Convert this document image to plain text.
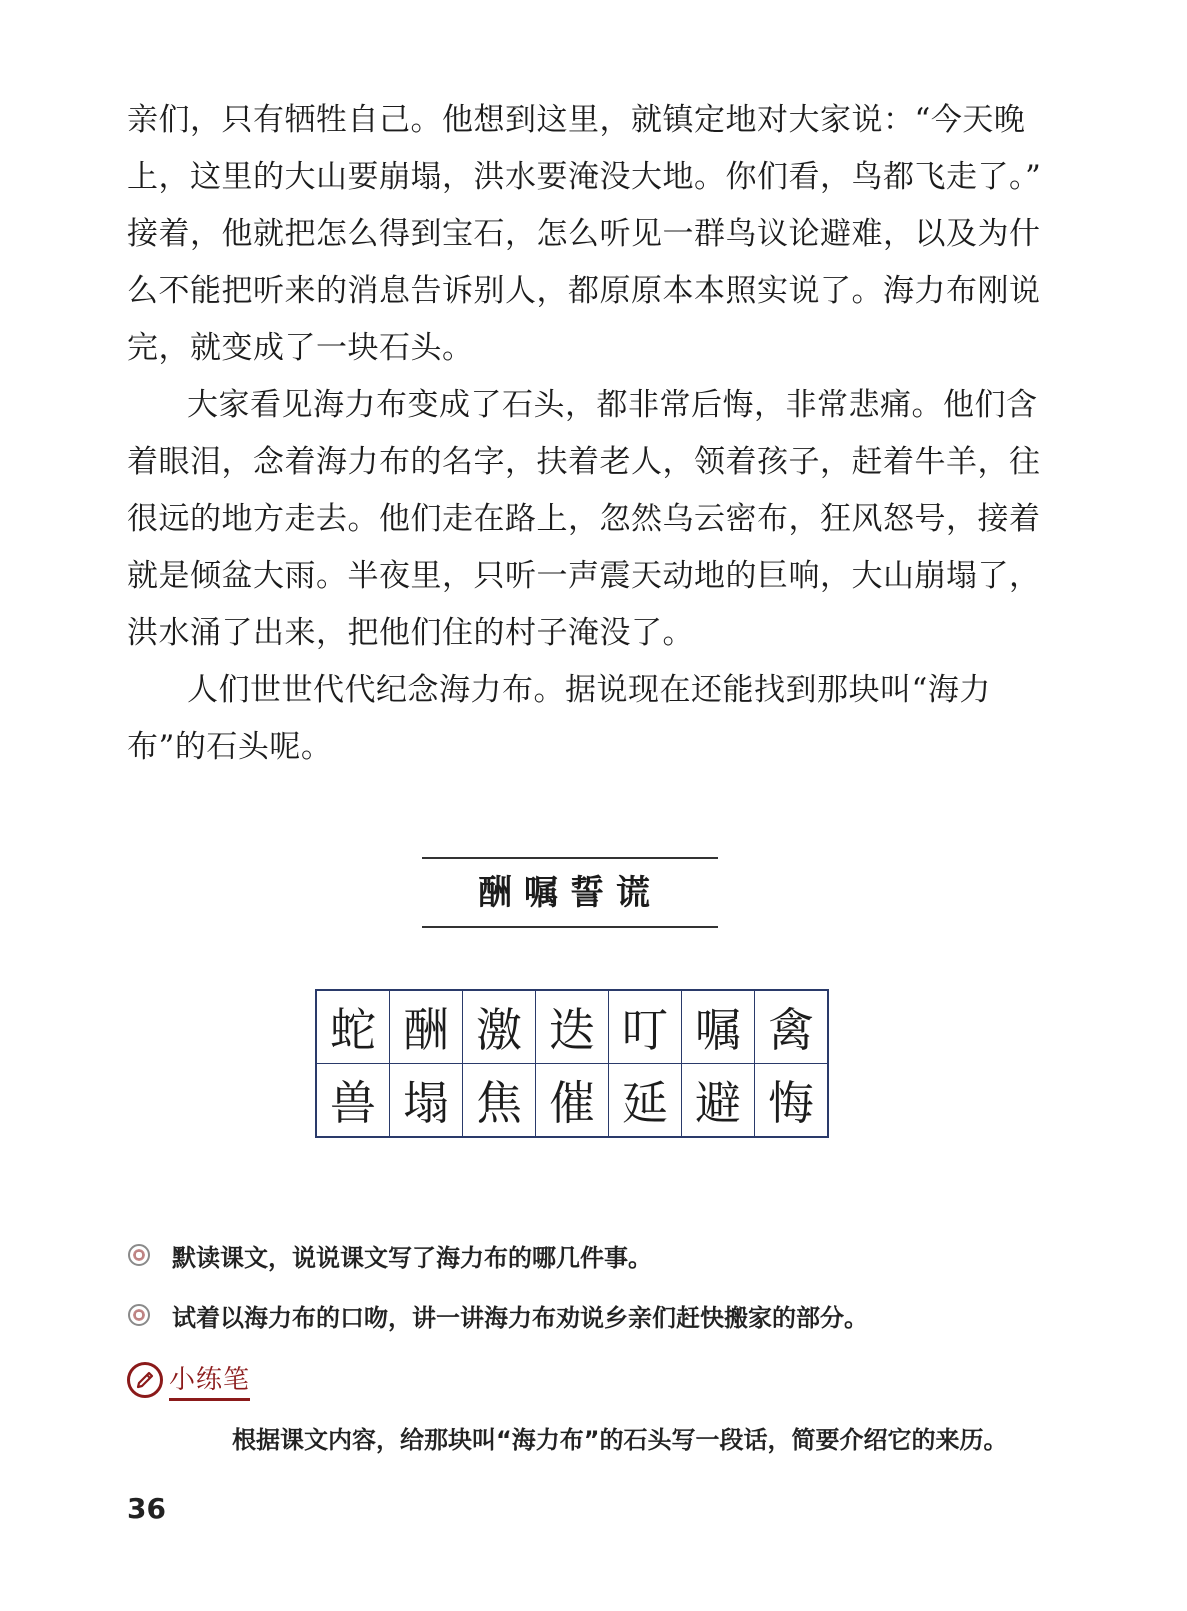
亲们，只有牺牲自己。他想到这里，就镇定地对大家说：“今天晚
上，这里的大山要崩塌，洪水要淹没大地。你们看，鸟都飞走了。”
接着，他就把怎么得到宝石，怎么听见一群鸟议论避难，以及为什
么不能把听来的消息告诉别人，都原原本本照实说了。海力布刚说
完，就变成了一块石头。
大家看见海力布变成了石头，都非常后悔，非常悲痛。他们含
着眼泪，念着海力布的名字，扶着老人，领着孩子，赶着牛羊，往
很远的地方走去。他们走在路上，忽然乌云密布，狂风怒号，接着
就是倾盆大雨。半夜里，只听一声震天动地的巨响，大山崩塌了，
洪水涌了出来，把他们住的村子淹没了。
人们世世代代纪念海力布。据说现在还能找到那块叫“海力
布”的石头呢。
酬嘱誓谎
蛇	酬	激	迭	叮	嘱	禽
兽	塌	焦	催	延	避	悔
默读课文，说说课文写了海力布的哪几件事。
试着以海力布的口吻，讲一讲海力布劝说乡亲们赶快搬家的部分。
小练笔
根据课文内容，给那块叫“海力布”的石头写一段话，简要介绍它的来历。
36
